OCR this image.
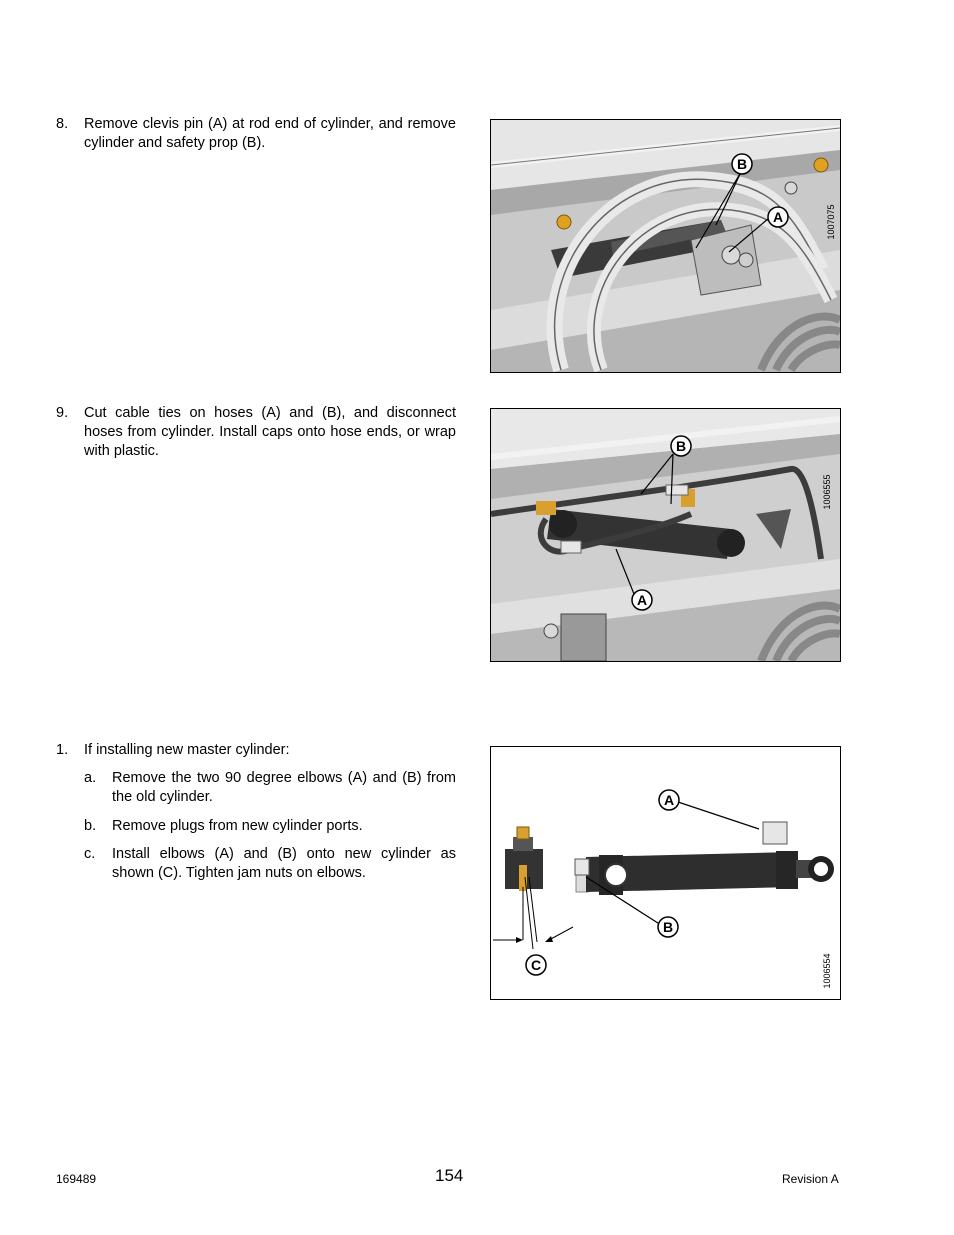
8. Remove clevis pin (A) at rod end of cylinder, and remove cylinder and safety prop (B).
B
A	1007075
9. Cut cable ties on hoses (A) and (B), and disconnect hoses from cylinder. Install caps onto hose ends, or wrap with plastic.	B
A
1006555
1. If installing new master cylinder:
a. Remove the two 90 degree elbows (A) and (B) from the old cylinder.
b. Remove plugs from new cylinder ports.
c. Install elbows (A) and (B) onto new cylinder as shown (C). Tighten jam nuts on elbows.
A
B
C	1006554
169489	154	Revision A
